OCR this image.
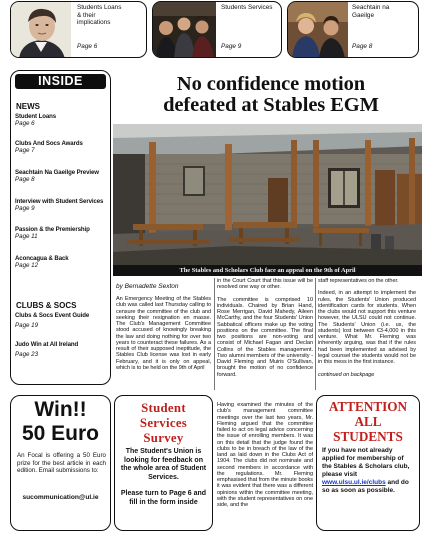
Students Loans
& their
implications
Page 6
Students Services
Page 9
Seachtain na
Gaeilge
Page 8
INSIDE
NEWS
Student Loans
Page 6
Clubs And Socs Awards
Page 7
Seachtain Na Gaeilge Preview
Page 8
Interview with Student Services
Page 9
Passion & the Premiership
Page 11
Aconcagua & Back
Page 12
CLUBS & SOCS
Clubs & Socs Event Guide
Page 19
Judo Win at All Ireland
Page 23
No confidence motion
defeated at Stables EGM
The Stables and Scholars Club face an appeal on the 9th of April
by Bernadette Sexton

An Emergency Meeting of the Stables club was called last Thursday calling to censure the committee of the club and seeking their resignation en masse. The Club's Management Committee stood accused of knowingly breaking the law and doing nothing for over two years to counteract these failures. As a result of their supposed ineptitude, the Stables Club license was lost in early February, and it is only on appeal, which is to be held on the 9th of April

in the Court Court that this issue will be resolved one way or other.

The committee is comprised 10 individuals. Chaired by Brian Hand, Rose Merrigan, David Mahedy, Aileen McCarthy, and the four Students' Union Sabbatical officers make up the voting positions on the committee. The final two positions are non-voting and consist of Michael Fagan and Declan Collins of the Stables management. Two alumni members of the university - David Fleming and Muiris O'Sullivan, brought the motion of no confidence forward.

staff representatives on the other.

Indeed, in an attempt to implement the rules, the Students' Union produced identification cards for students. When the clubs would not support this venture however, the ULSU could not continue. The Students' Union (i.e. us, the students) lost between €3-4,000 in this venture. What Mr. Fleming was inherently arguing, was that if the rules had been implemented as advised by legal counsel the students would not be in this mess in the first instance.

continued on backpage

Having examined the minutes of the club's management committee meetings over the last two years, Mr. Fleming argued that the committee failed to act on legal advice concerning the issue of enrolling members. It was on this detail that the judge found the clubs to be in breach of the law of the land as laid down in the Clubs Act of 1904. The clubs did not nominate and second members in accordance with the regulations. Mr. Fleming emphasised that from the minute books it was evident that there was a different opinions within the committee meeting, with the student representatives on one side, and the

Win!!
50 Euro
An Focal is offering a 50 Euro prize for the best article in each edition. Email submissions to:
sucommunication@ul.ie
Student
Services
Survey
The Student's Union is looking for feedback on the whole area of Student Services.
Please turn to Page 6 and fill in the form inside
ATTENTION
ALL
STUDENTS
If you have not already applied for membership of the Stables & Scholars club, please visit www.ulsu.ul.ie/clubs and do so as soon as possible.
